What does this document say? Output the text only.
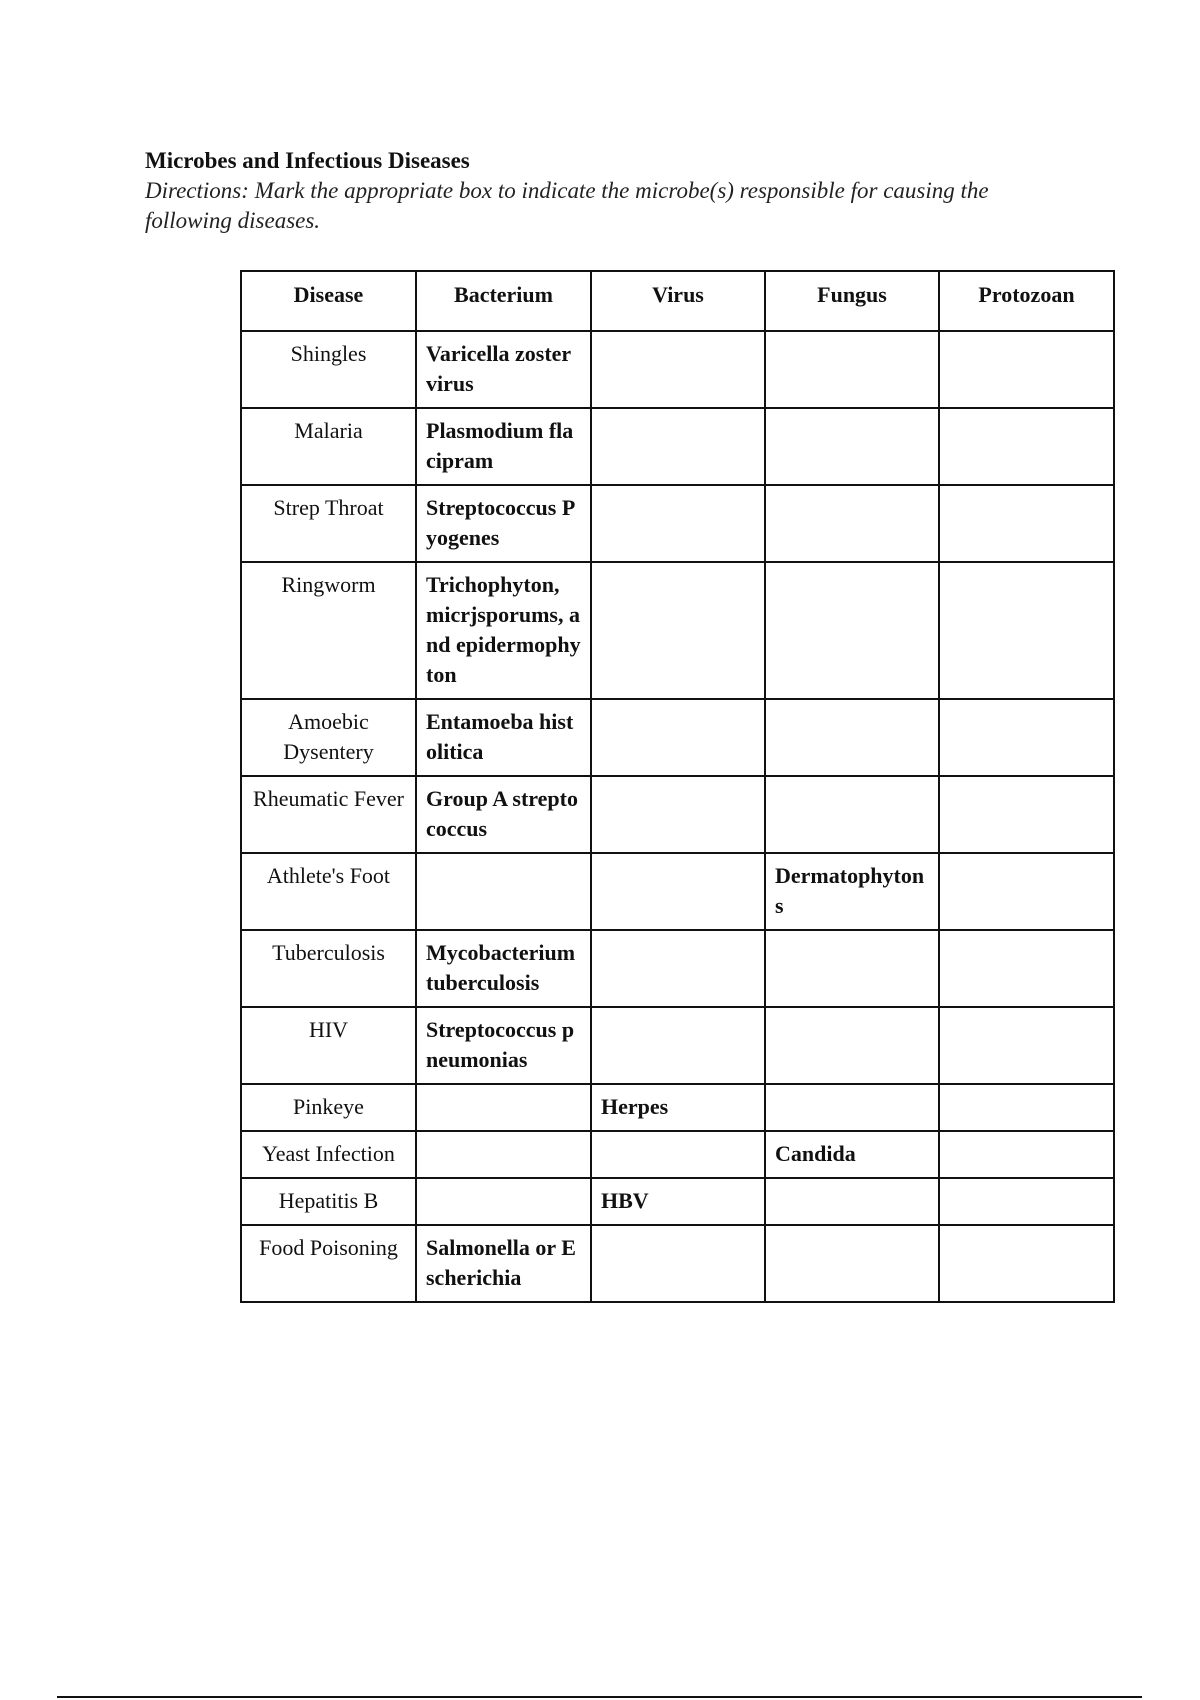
Microbes and Infectious Diseases

Directions: Mark the appropriate box to indicate the microbe(s) responsible for causing the following diseases.

Disease	Bacterium	Virus	Fungus	Protozoan
Shingles	Varicella zoster virus			
Malaria	Plasmodium flacipram			
Strep Throat	Streptococcus Pyogenes			
Ringworm	Trichophyton, micrjsporums, and epidermophyton			
Amoebic Dysentery	Entamoeba histolitica			
Rheumatic Fever	Group A streptococcus			
Athlete's Foot			Dermatophytons	
Tuberculosis	Mycobacterium tuberculosis			
HIV	Streptococcus pneumonias			
Pinkeye		Herpes		
Yeast Infection			Candida	
Hepatitis B		HBV		
Food Poisoning	Salmonella or Escherichia			
